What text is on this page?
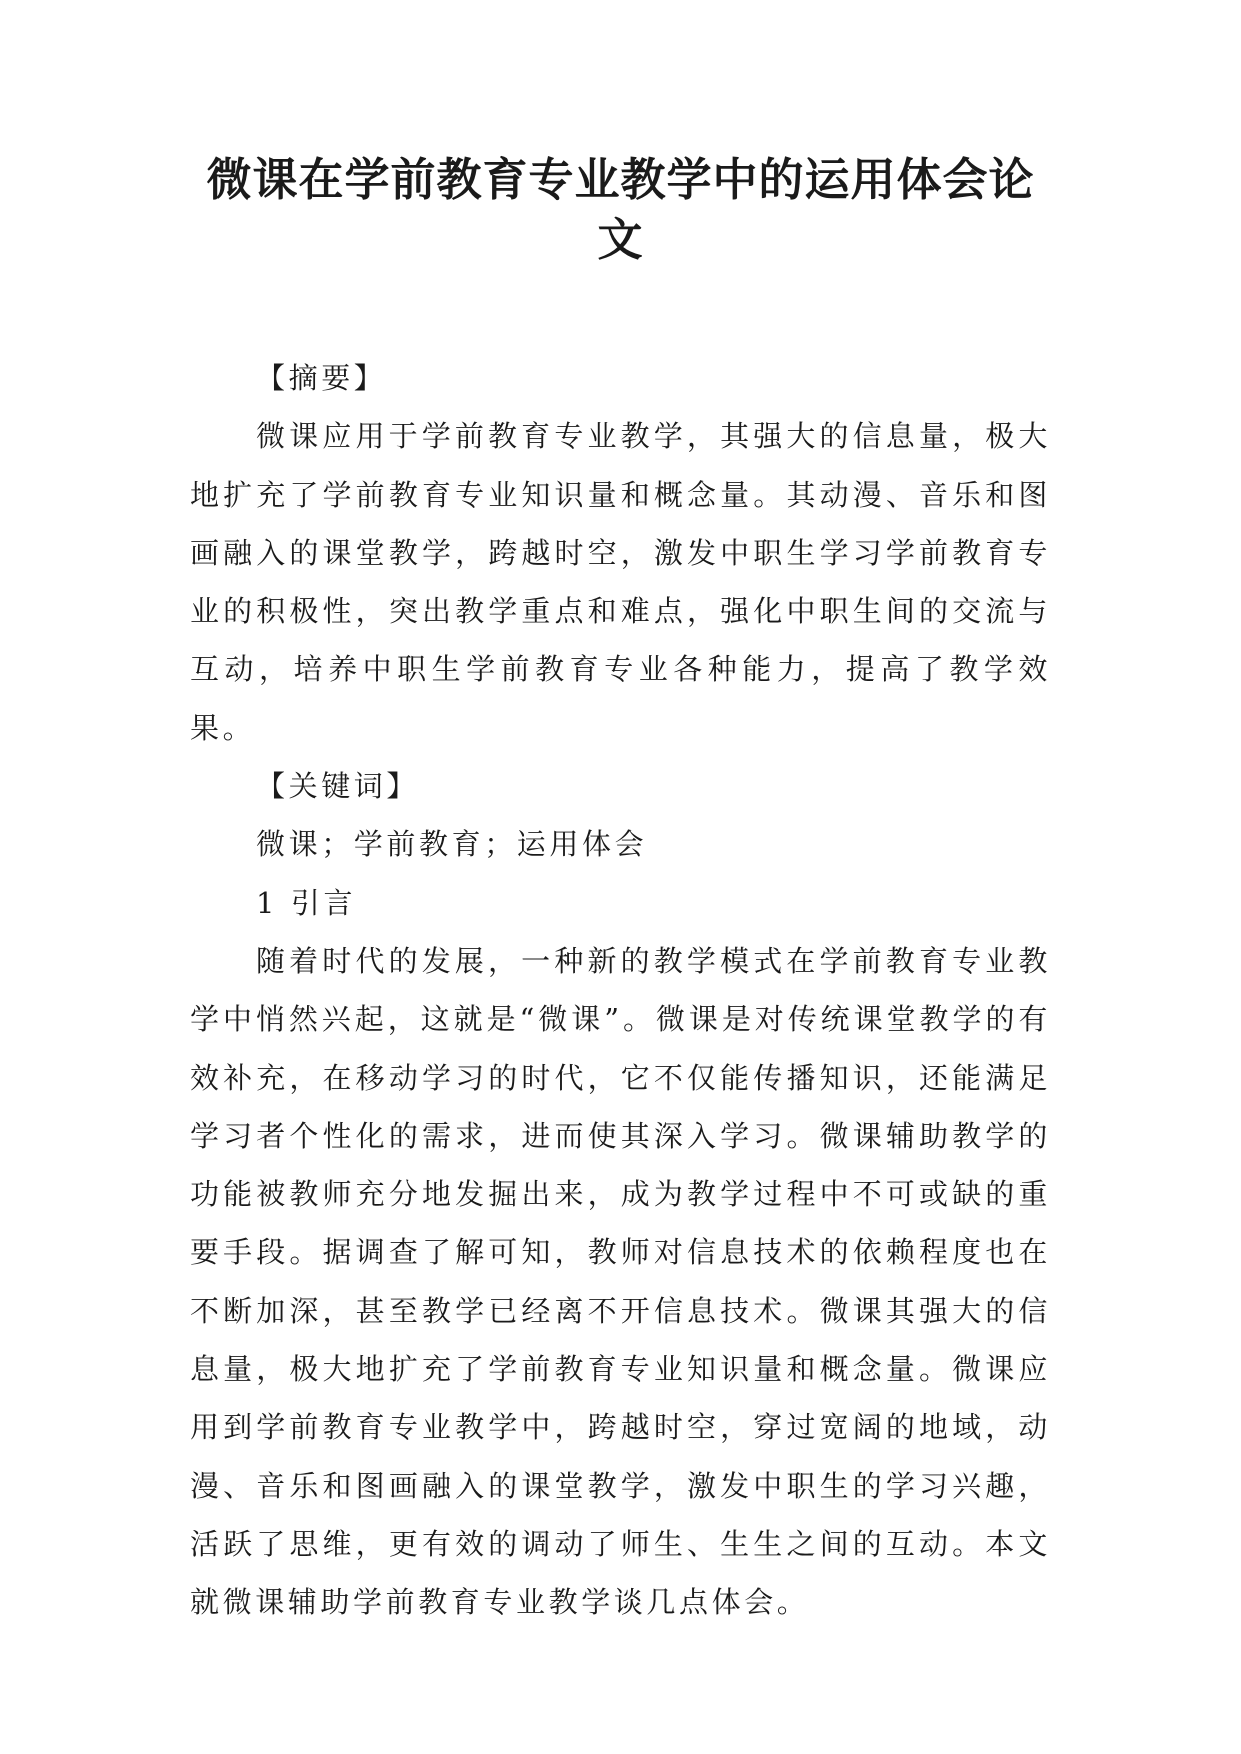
微课在学前教育专业教学中的运用体会论文

【摘要】

微课应用于学前教育专业教学，其强大的信息量，极大地扩充了学前教育专业知识量和概念量。其动漫、音乐和图画融入的课堂教学，跨越时空，激发中职生学习学前教育专业的积极性，突出教学重点和难点，强化中职生间的交流与互动，培养中职生学前教育专业各种能力，提高了教学效果。

【关键词】

微课；学前教育；运用体会

1 引言

随着时代的发展，一种新的教学模式在学前教育专业教学中悄然兴起，这就是“微课”。微课是对传统课堂教学的有效补充，在移动学习的时代，它不仅能传播知识，还能满足学习者个性化的需求，进而使其深入学习。微课辅助教学的功能被教师充分地发掘出来，成为教学过程中不可或缺的重要手段。据调查了解可知，教师对信息技术的依赖程度也在不断加深，甚至教学已经离不开信息技术。微课其强大的信息量，极大地扩充了学前教育专业知识量和概念量。微课应用到学前教育专业教学中，跨越时空，穿过宽阔的地域，动漫、音乐和图画融入的课堂教学，激发中职生的学习兴趣，活跃了思维，更有效的调动了师生、生生之间的互动。本文就微课辅助学前教育专业教学谈几点体会。
